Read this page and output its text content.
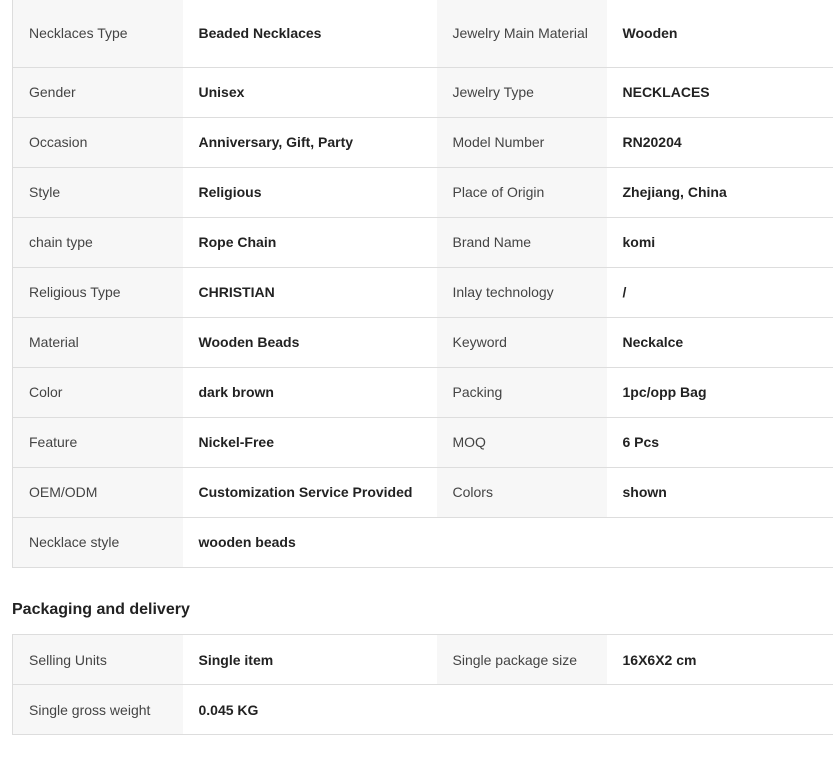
Necklaces Type	Beaded Necklaces	Jewelry Main Material	Wooden
Gender	Unisex	Jewelry Type	NECKLACES
Occasion	Anniversary, Gift, Party	Model Number	RN20204
Style	Religious	Place of Origin	Zhejiang, China
chain type	Rope Chain	Brand Name	komi
Religious Type	CHRISTIAN	Inlay technology	/
Material	Wooden Beads	Keyword	Neckalce
Color	dark brown	Packing	1pc/opp Bag
Feature	Nickel-Free	MOQ	6 Pcs
OEM/ODM	Customization Service Provided	Colors	shown
Necklace style	wooden beads		
Packaging and delivery
Selling Units	Single item	Single package size	16X6X2 cm
Single gross weight	0.045 KG		
